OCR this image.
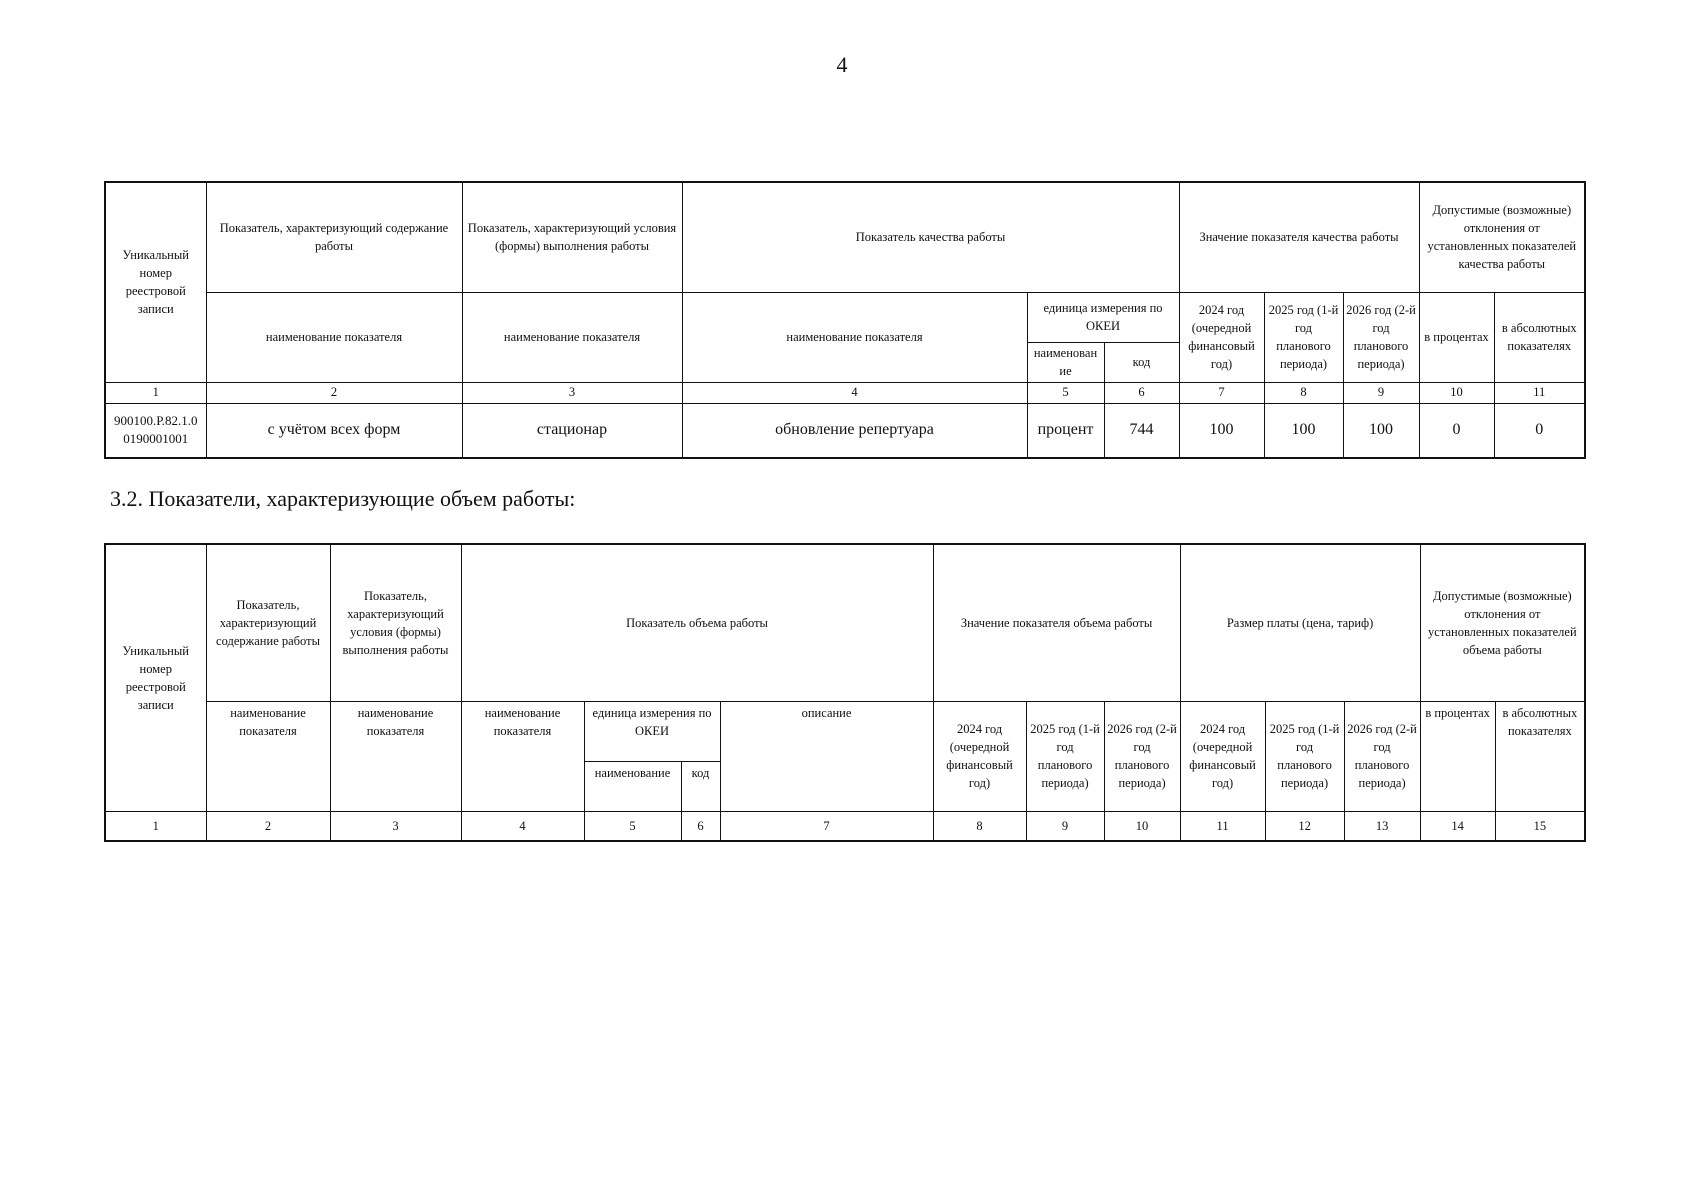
4
Уникальный номер реестровой записи	Показатель, характеризующий содержание работы	Показатель, характеризующий условия (формы) выполнения работы	Показатель качества работы			Значение показателя качества работы			Допустимые (возможные) отклонения от установленных показателей качества работы	
	наименование показателя	наименование показателя	наименование показателя	единица измерения по ОКЕИ		2024 год (очередной финансовый год)	2025 год (1-й год планового периода)	2026 год (2-й год планового периода)	в процентах	в абсолютных показателях
				наименован ие	код					
1	2	3	4	5	6	7	8	9	10	11
900100.Р.82.1.0 0190001001	с учётом всех форм	стационар	обновление репертуара	процент	744	100	100	100	0	0
3.2. Показатели, характеризующие объем работы:
Уникальный номер реестровой записи	Показатель, характеризующий содержание работы	Показатель, характеризующий условия (формы) выполнения работы	Показатель объема работы				Значение показателя объема работы			Размер платы (цена, тариф)			Допустимые (возможные) отклонения от установленных показателей объема работы	
	наименование показателя	наименование показателя	наименование показателя	единица измерения по ОКЕИ		описание	2024 год (очередной финансовый год)	2025 год (1-й год планового периода)	2026 год (2-й год планового периода)	2024 год (очередной финансовый год)	2025 год (1-й год планового периода)	2026 год (2-й год планового периода)	в процентах	в абсолютных показателях
				наименование	код									
1	2	3	4	5	6	7	8	9	10	11	12	13	14	15
